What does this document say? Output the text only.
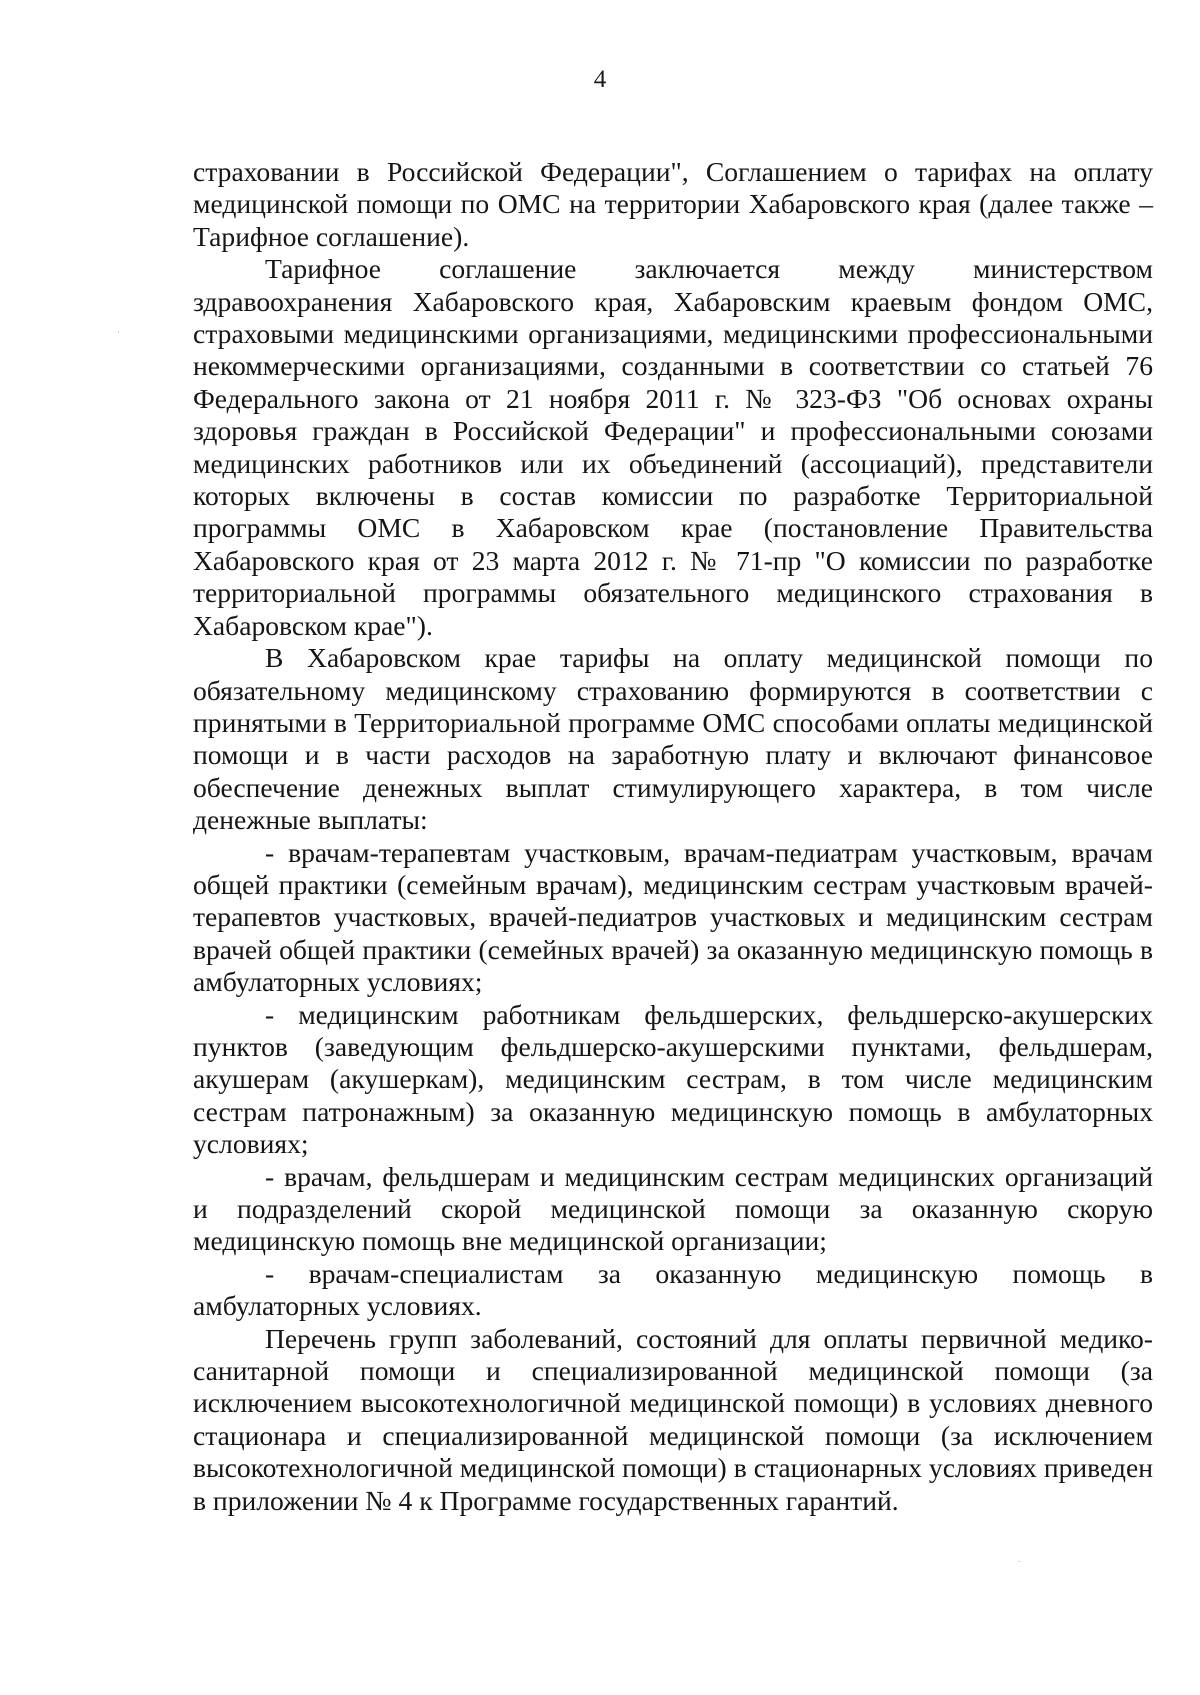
4

страховании в Российской Федерации", Соглашением о тарифах на оплату медицинской помощи по ОМС на территории Хабаровского края (далее также – Тарифное соглашение).

Тарифное соглашение заключается между министерством здравоохранения Хабаровского края, Хабаровским краевым фондом ОМС, страховыми медицинскими организациями, медицинскими профессиональными некоммерческими организациями, созданными в соответствии со статьей 76 Федерального закона от 21 ноября 2011 г. № 323-ФЗ "Об основах охраны здоровья граждан в Российской Федерации" и профессиональными союзами медицинских работников или их объединений (ассоциаций), представители которых включены в состав комиссии по разработке Территориальной программы ОМС в Хабаровском крае (постановление Правительства Хабаровского края от 23 марта 2012 г. № 71-пр "О комиссии по разработке территориальной программы обязательного медицинского страхования в Хабаровском крае").

В Хабаровском крае тарифы на оплату медицинской помощи по обязательному медицинскому страхованию формируются в соответствии с принятыми в Территориальной программе ОМС способами оплаты медицинской помощи и в части расходов на заработную плату и включают финансовое обеспечение денежных выплат стимулирующего характера, в том числе денежные выплаты:

- врачам-терапевтам участковым, врачам-педиатрам участковым, врачам общей практики (семейным врачам), медицинским сестрам участковым врачей-терапевтов участковых, врачей-педиатров участковых и медицинским сестрам врачей общей практики (семейных врачей) за оказанную медицинскую помощь в амбулаторных условиях;

- медицинским работникам фельдшерских, фельдшерско-акушерских пунктов (заведующим фельдшерско-акушерскими пунктами, фельдшерам, акушерам (акушеркам), медицинским сестрам, в том числе медицинским сестрам патронажным) за оказанную медицинскую помощь в амбулаторных условиях;

- врачам, фельдшерам и медицинским сестрам медицинских организаций и подразделений скорой медицинской помощи за оказанную скорую медицинскую помощь вне медицинской организации;

- врачам-специалистам за оказанную медицинскую помощь в амбулаторных условиях.

Перечень групп заболеваний, состояний для оплаты первичной медико-санитарной помощи и специализированной медицинской помощи (за исключением высокотехнологичной медицинской помощи) в условиях дневного стационара и специализированной медицинской помощи (за исключением высокотехнологичной медицинской помощи) в стационарных условиях приведен в приложении № 4 к Программе государственных гарантий.
